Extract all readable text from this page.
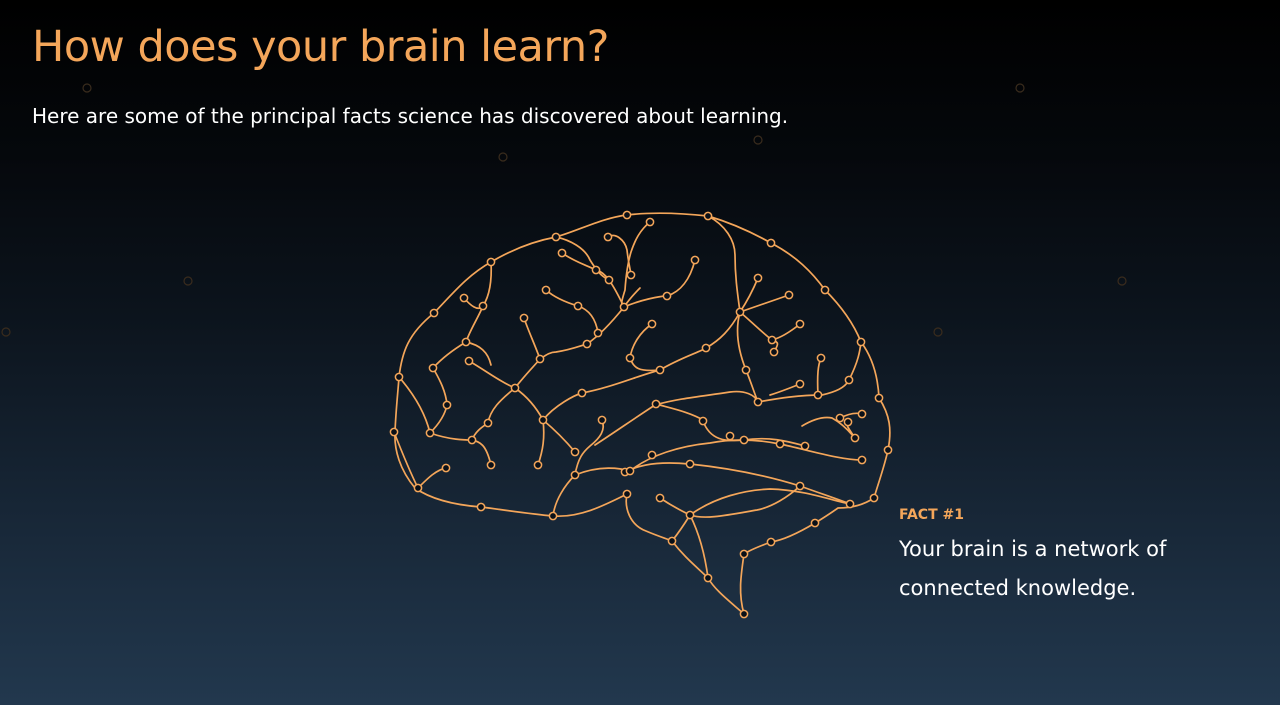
How does your brain learn?

Here are some of the principal facts science has discovered about learning.

FACT #1
Your brain is a network of connected knowledge.
